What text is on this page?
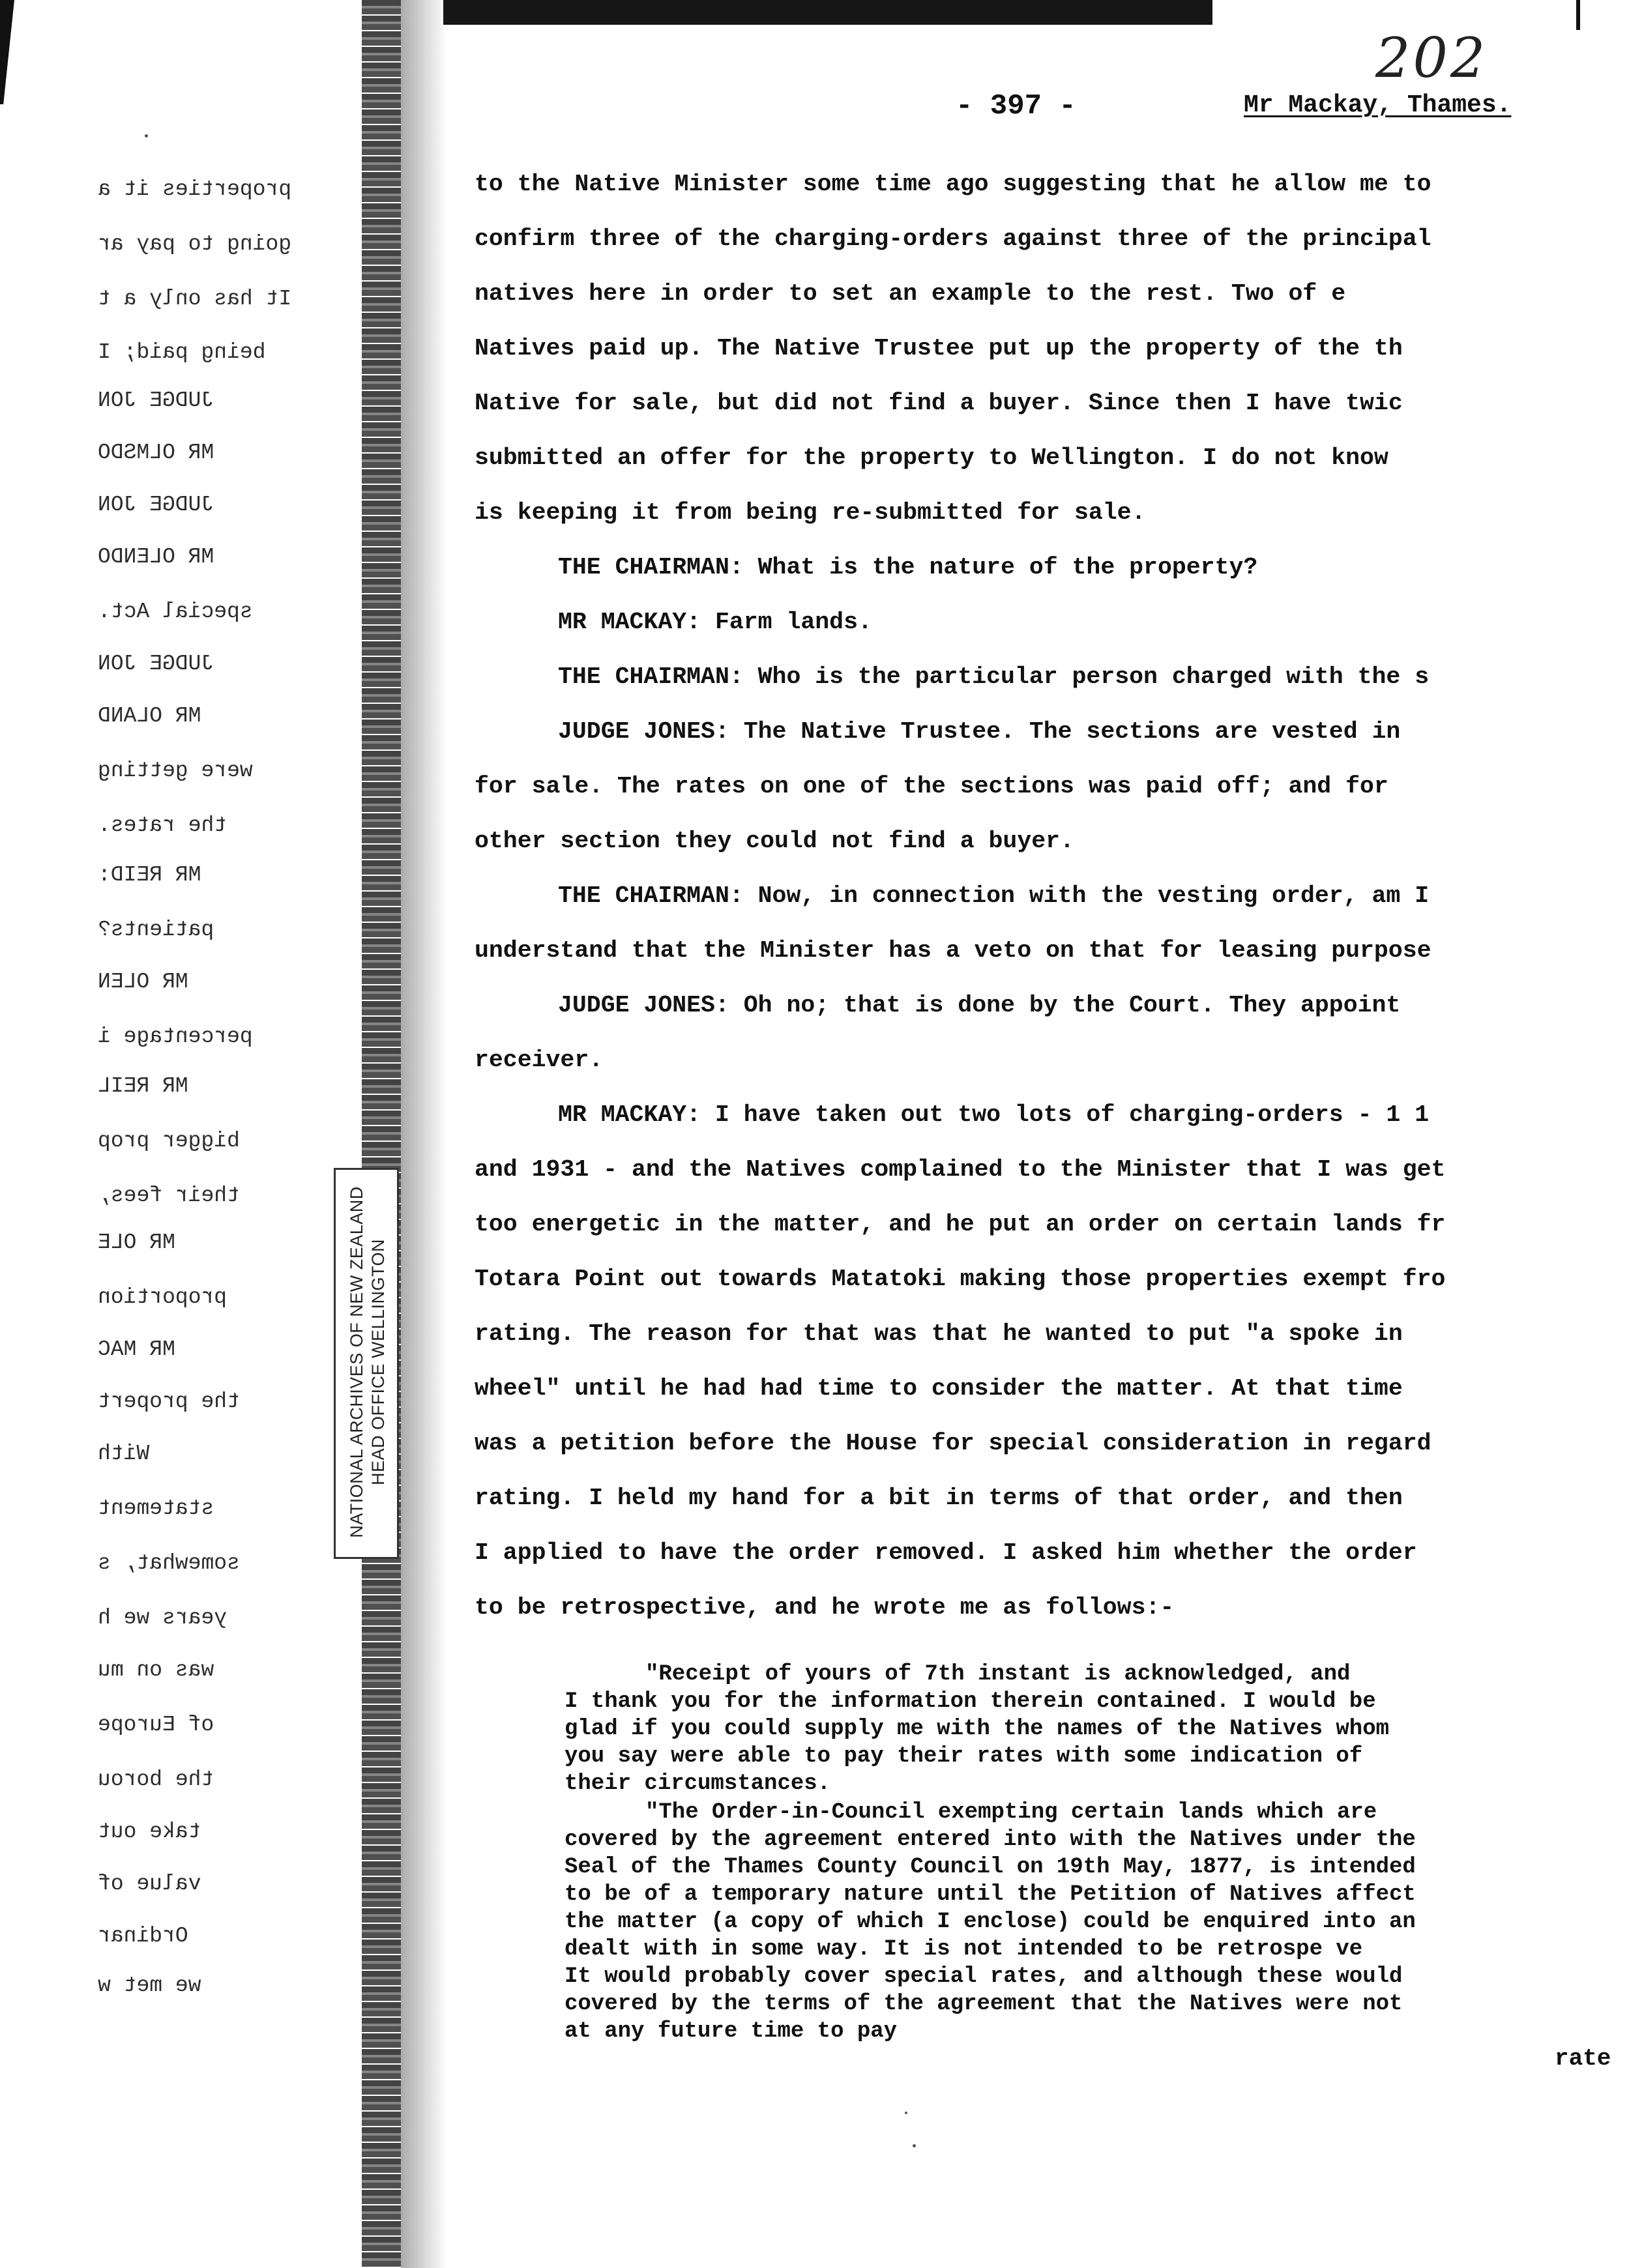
202
- 397 -	Mr Mackay, Thames.

to the Native Minister some time ago suggesting that he allow me to
confirm three of the charging-orders against three of the principal
natives here in order to set an example to the rest. Two of e
Natives paid up. The Native Trustee put up the property of the th
Native for sale, but did not find a buyer. Since then I have twic
submitted an offer for the property to Wellington. I do not know
is keeping it from being re-submitted for sale.
THE CHAIRMAN: What is the nature of the property?
MR MACKAY: Farm lands.
THE CHAIRMAN: Who is the particular person charged with the s
JUDGE JONES: The Native Trustee. The sections are vested in
for sale. The rates on one of the sections was paid off; and for
other section they could not find a buyer.
THE CHAIRMAN: Now, in connection with the vesting order, am I
understand that the Minister has a veto on that for leasing purpose
JUDGE JONES: Oh no; that is done by the Court. They appoint
receiver.
MR MACKAY: I have taken out two lots of charging-orders - 1 1
and 1931 - and the Natives complained to the Minister that I was get
too energetic in the matter, and he put an order on certain lands fr
Totara Point out towards Matatoki making those properties exempt fro
rating. The reason for that was that he wanted to put "a spoke in
wheel" until he had had time to consider the matter. At that time
was a petition before the House for special consideration in regard
rating. I held my hand for a bit in terms of that order, and then
I applied to have the order removed. I asked him whether the order
to be retrospective, and he wrote me as follows:-
"Receipt of yours of 7th instant is acknowledged, and
I thank you for the information therein contained. I would be
glad if you could supply me with the names of the Natives whom
you say were able to pay their rates with some indication of
their circumstances.
"The Order-in-Council exempting certain lands which are
covered by the agreement entered into with the Natives under the
Seal of the Thames County Council on 19th May, 1877, is intended
to be of a temporary nature until the Petition of Natives affect
the matter (a copy of which I enclose) could be enquired into an
dealt with in some way. It is not intended to be retrospe ve
It would probably cover special rates, and although these would
covered by the terms of the agreement that the Natives were not
at any future time to pay
rate
properties it a
going to pay ar
It has only a t
being paid; I
JUDGE JON
MR OLMSDO
JUDGE JON
MR OLENDO
special Act.
JUDGE JON
MR OLAND
were getting
the rates.
MR REID:
patients?
MR OLEN
percentage i
MR REIL
bigger prop
their fees,
MR OLE
proportion
MR MAC
the propert
With
statement
somewhat, s
years we h
was on mu
of Europe
the borou
take out
value of
Ordinar
we met w
NATIONAL ARCHIVES OF NEW ZEALAND HEAD OFFICE WELLINGTON
